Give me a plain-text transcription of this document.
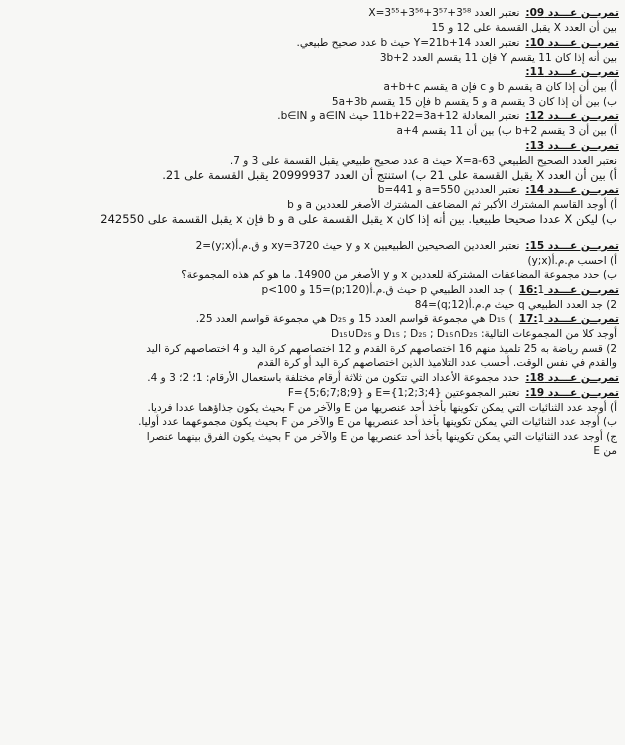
تمريــن عـــدد 09:نعتبر العدد X=3⁵⁵+3⁵⁶+3⁵⁷+3⁵⁸
بين أن العدد X يقبل القسمة على 12 و 15
تمريــن عـــدد 10:نعتبر العدد Y=21b+14 حيث b عدد صحيح طبيعي.
بين أنه إذا كان 11 يقسم Y فإن 11 يقسم العدد 3b+2
تمريــن عـــدد 11:
أ) بين أن إذا كان a يقسم b و c فإن a يقسم a+b+c
ب) بين أن إذا كان 3 يقسم a و 5 يقسم b فإن 15 يقسم 5a+3b
تمريــن عـــدد 12:نعتبر المعادلة 11b+22=3a+12 حيث a∈IN و b∈IN.
أ) بين أن 3 يقسم b+2 ب) بين أن 11 يقسم a+4
تمريــن عـــدد 13:
نعتبر العدد الصحيح الطبيعي X=a-63 حيث a عدد صحيح طبيعي يقبل القسمة على 3 و 7.
أ) بين أن العدد X يقبل القسمة على 21 ب) استنتج أن العدد 20999937 يقبل القسمة على 21.
تمريــن عـــدد 14:نعتبر العددين a=550 و b=441
أ) أوجد القاسم المشترك الأكبر ثم المضاعف المشترك الأصغر للعددين a و b
ب) ليكن X عددا صحيحا طبيعيا. بين أنه إذا كان x يقبل القسمة على a و b فإن x يقبل القسمة على 242550
تمريــن عـــدد 15:نعتبر العددين الصحيحين الطبيعيين x و y حيث xy=3720 و ق.م.أ(y;x)=2
أ) احسب م.م.أ(y;x)
ب) حدد مجموعة المضاعفات المشتركة للعددين x و y الأصغر من 14900. ما هو كم هذه المجموعة؟
تمريــن عـــدد 16:1) جد العدد الطبيعي p حيث ق.م.أ(120;p)=15 و p<100
2) جد العدد الطبيعي q حيث م.م.أ(12;q)=84
تمريــن عـــدد 17:1) D₁₅ هي مجموعة قواسم العدد 15 و D₂₅ هي مجموعة قواسم العدد 25.
أوجد كلا من المجموعات التالية: D₁₅ ; D₂₅ ; D₁₅∩D₂₅ و D₁₅∪D₂₅
2) قسم رياضة به 25 تلميذ منهم 16 اختصاصهم كرة القدم و 12 اختصاصهم كرة اليد و 4 اختصاصهم كرة اليد
والقدم في نفس الوقت. أحسب عدد التلاميذ الذين اختصاصهم كرة اليد أو كرة القدم
تمريــن عـــدد 18:حدد مجموعة الأعداد التي تتكون من ثلاثة أرقام مختلفة باستعمال الأرقام: 1؛ 2؛ 3 و 4.
تمريــن عـــدد 19:نعتبر المجموعتين E={1;2;3;4} و F={5;6;7;8;9}
أ) أوجد عدد الثنائيات التي يمكن تكوينها بأخذ أحد عنصريها من E والآخر من F بحيث يكون جذاؤهما عددا فرديا.
ب) أوجد عدد الثنائيات التي يمكن تكوينها بأخذ أحد عنصريها من E والآخر من F بحيث يكون مجموعهما عدد أوليا.
ج) أوجد عدد الثنائيات التي يمكن تكوينها بأخذ أحد عنصريها من E والآخر من F بحيث يكون الفرق بينهما عنصرا
من E
